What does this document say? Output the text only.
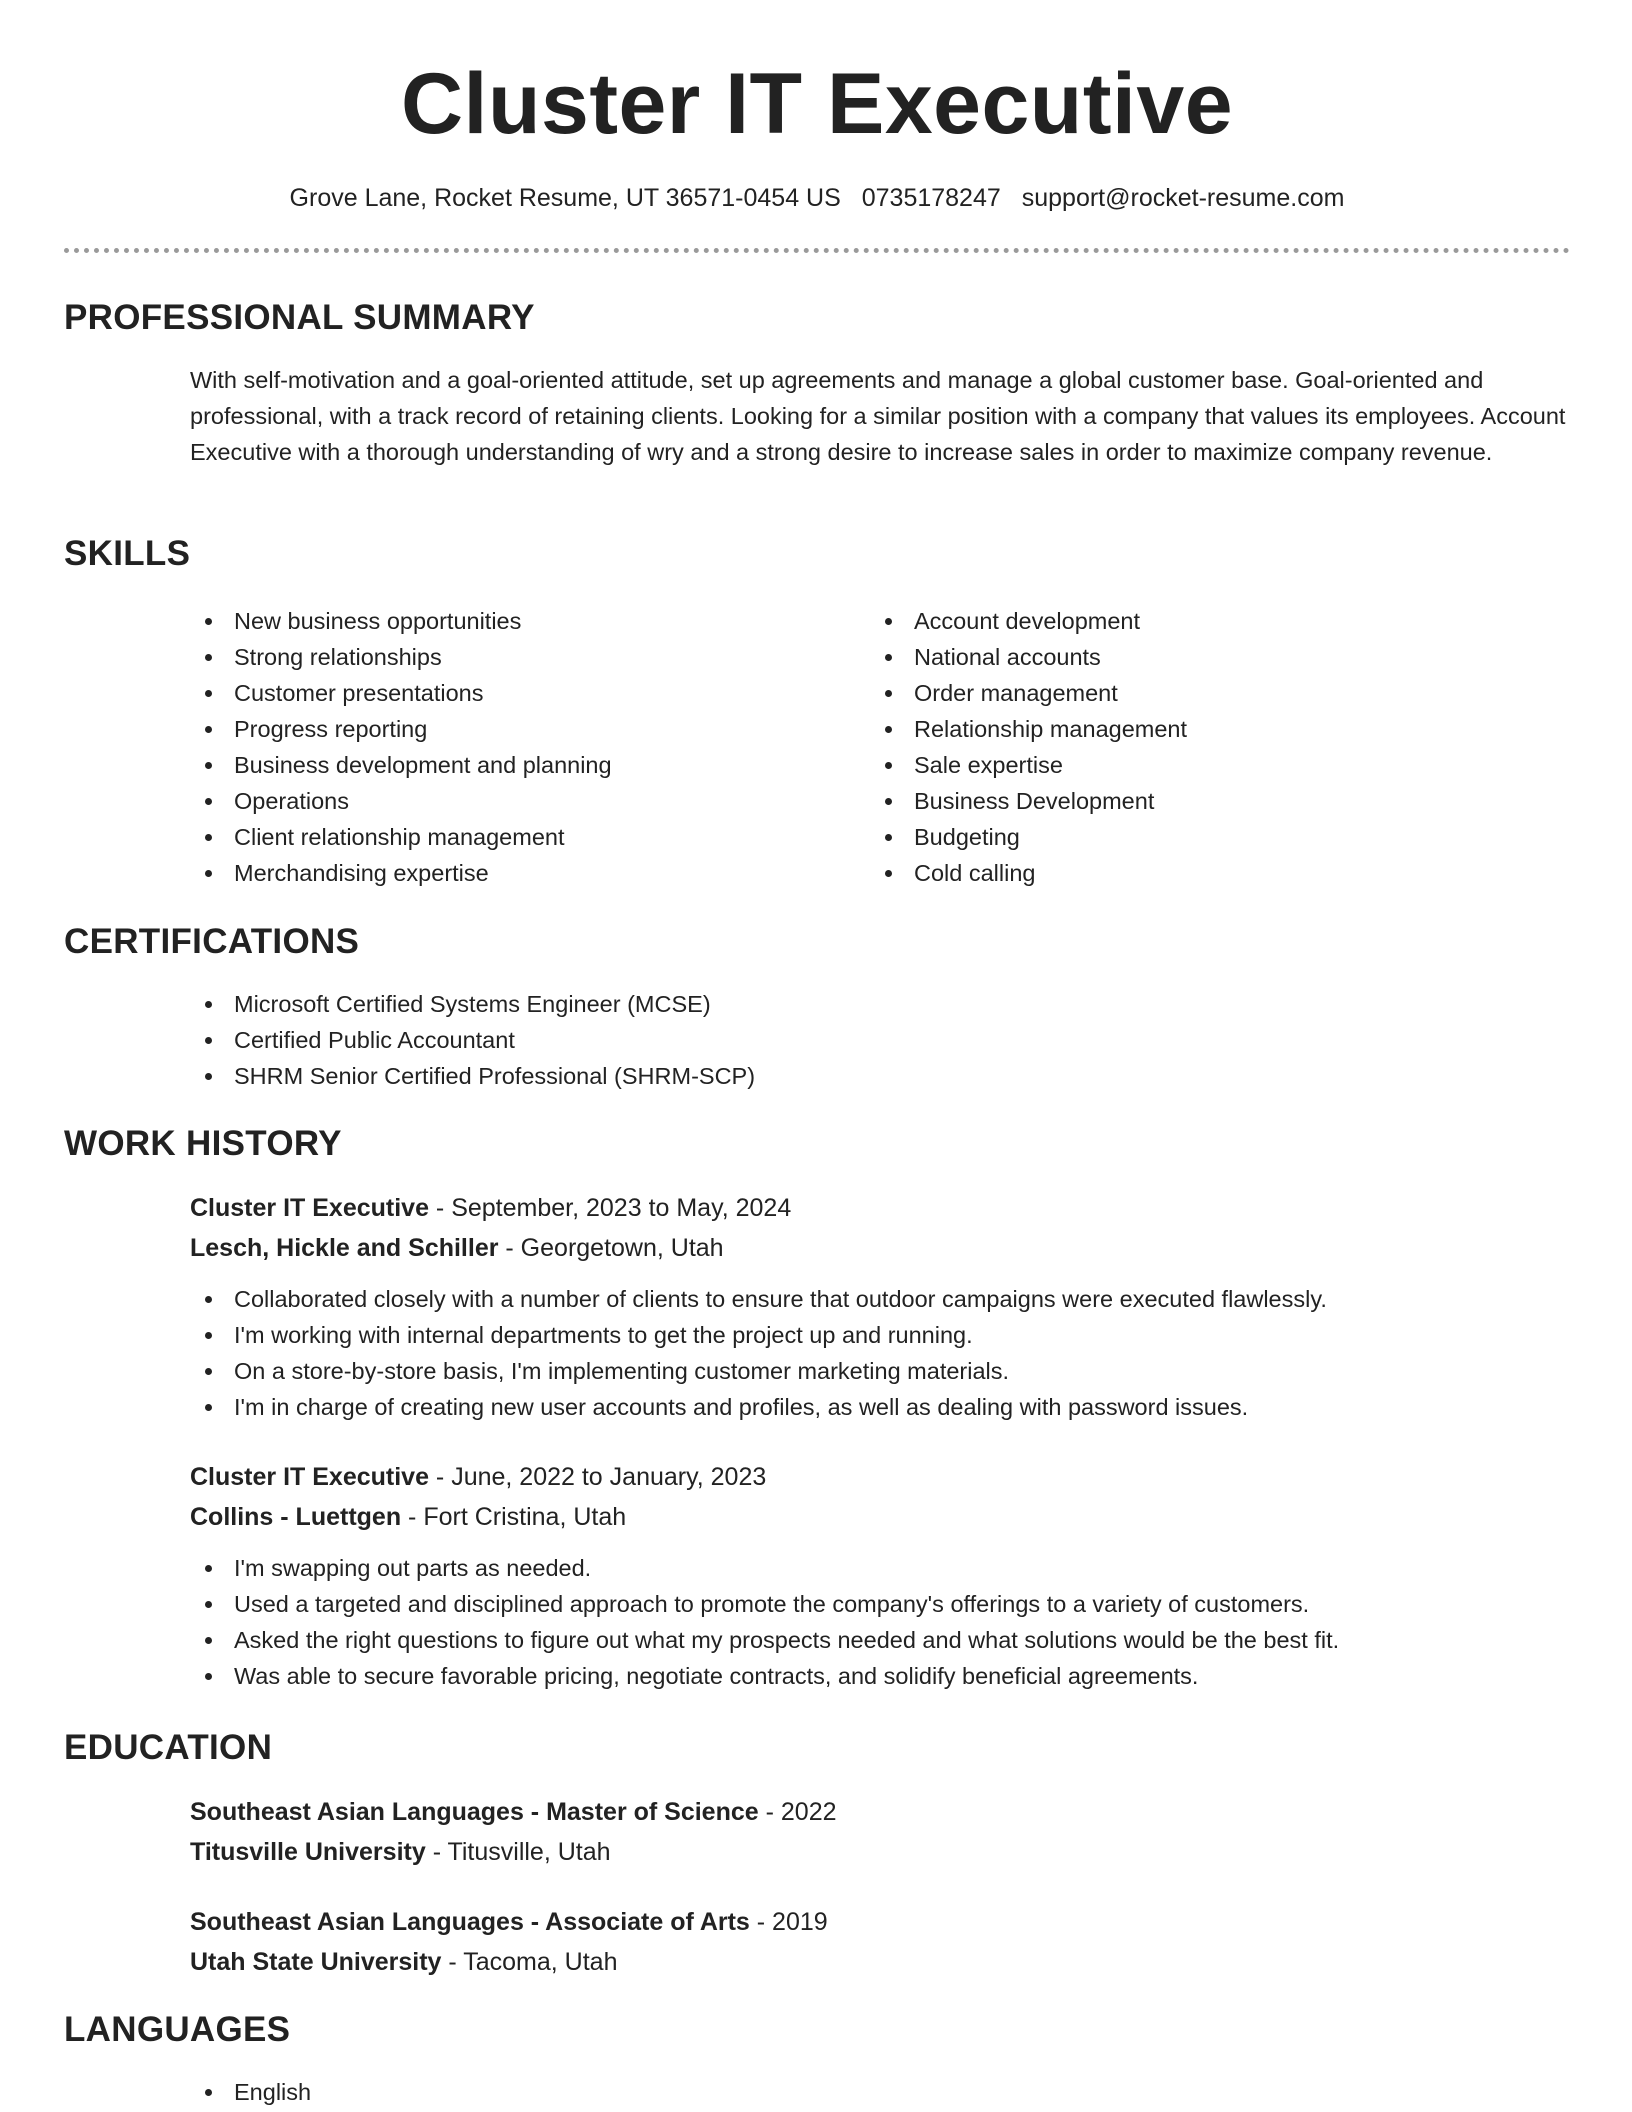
Cluster IT Executive
Grove Lane, Rocket Resume, UT 36571-0454 US 0735178247 support@rocket-resume.com
PROFESSIONAL SUMMARY

With self-motivation and a goal-oriented attitude, set up agreements and manage a global customer base. Goal-oriented and professional, with a track record of retaining clients. Looking for a similar position with a company that values its employees. Account Executive with a thorough understanding of wry and a strong desire to increase sales in order to maximize company revenue.

SKILLS
New business opportunities
Strong relationships
Customer presentations
Progress reporting
Business development and planning
Operations
Client relationship management
Merchandising expertise
Account development
National accounts
Order management
Relationship management
Sale expertise
Business Development
Budgeting
Cold calling
CERTIFICATIONS
Microsoft Certified Systems Engineer (MCSE)
Certified Public Accountant
SHRM Senior Certified Professional (SHRM-SCP)
WORK HISTORY
Cluster IT Executive - September, 2023 to May, 2024
Lesch, Hickle and Schiller - Georgetown, Utah
Collaborated closely with a number of clients to ensure that outdoor campaigns were executed flawlessly.
I'm working with internal departments to get the project up and running.
On a store-by-store basis, I'm implementing customer marketing materials.
I'm in charge of creating new user accounts and profiles, as well as dealing with password issues.
Cluster IT Executive - June, 2022 to January, 2023
Collins - Luettgen - Fort Cristina, Utah
I'm swapping out parts as needed.
Used a targeted and disciplined approach to promote the company's offerings to a variety of customers.
Asked the right questions to figure out what my prospects needed and what solutions would be the best fit.
Was able to secure favorable pricing, negotiate contracts, and solidify beneficial agreements.
EDUCATION
Southeast Asian Languages - Master of Science - 2022
Titusville University - Titusville, Utah
Southeast Asian Languages - Associate of Arts - 2019
Utah State University - Tacoma, Utah
LANGUAGES
English
